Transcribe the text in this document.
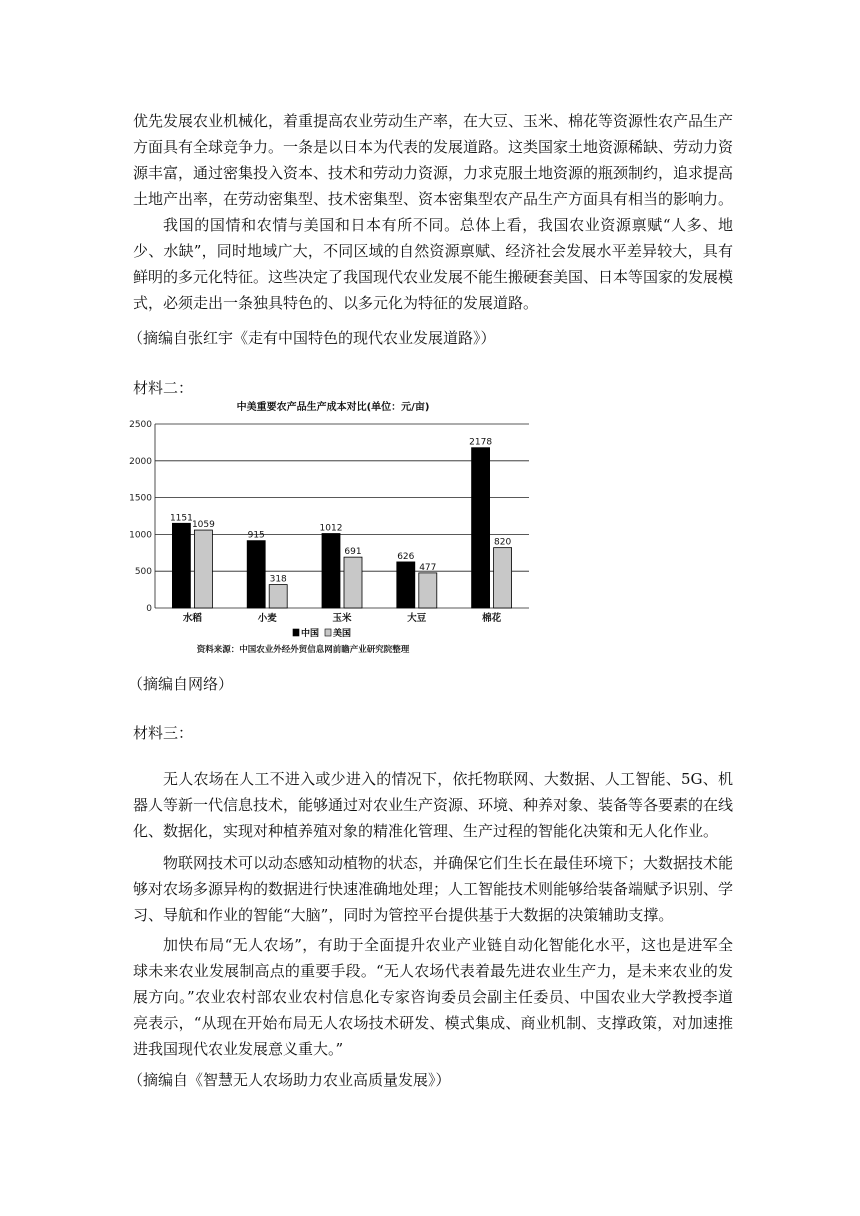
优先发展农业机械化，着重提高农业劳动生产率，在大豆、玉米、棉花等资源性农产品生产方面具有全球竞争力。一条是以日本为代表的发展道路。这类国家土地资源稀缺、劳动力资源丰富，通过密集投入资本、技术和劳动力资源，力求克服土地资源的瓶颈制约，追求提高土地产出率，在劳动密集型、技术密集型、资本密集型农产品生产方面具有相当的影响力。

我国的国情和农情与美国和日本有所不同。总体上看，我国农业资源禀赋“人多、地少、水缺”，同时地域广大，不同区域的自然资源禀赋、经济社会发展水平差异较大，具有鲜明的多元化特征。这些决定了我国现代农业发展不能生搬硬套美国、日本等国家的发展模式，必须走出一条独具特色的、以多元化为特征的发展道路。

（摘编自张红宇《走有中国特色的现代农业发展道路》）

材料二：

中美重要农产品生产成本对比(单位：元/亩)
0
500
1000
1500
2000
2500
1151
1059
915
318
1012
691	626
477
2178
820
水稻	小麦	玉米	大豆	棉花
中国 美国
资料来源：中国农业外经外贸信息网前瞻产业研究院整理

（摘编自网络）

材料三：

无人农场在人工不进入或少进入的情况下，依托物联网、大数据、人工智能、5G、机器人等新一代信息技术，能够通过对农业生产资源、环境、种养对象、装备等各要素的在线化、数据化，实现对种植养殖对象的精准化管理、生产过程的智能化决策和无人化作业。

物联网技术可以动态感知动植物的状态，并确保它们生长在最佳环境下；大数据技术能够对农场多源异构的数据进行快速准确地处理；人工智能技术则能够给装备端赋予识别、学习、导航和作业的智能“大脑”，同时为管控平台提供基于大数据的决策辅助支撑。

加快布局“无人农场”，有助于全面提升农业产业链自动化智能化水平，这也是进军全球未来农业发展制高点的重要手段。“无人农场代表着最先进农业生产力，是未来农业的发展方向。”农业农村部农业农村信息化专家咨询委员会副主任委员、中国农业大学教授李道亮表示，“从现在开始布局无人农场技术研发、模式集成、商业机制、支撑政策，对加速推进我国现代农业发展意义重大。”

（摘编自《智慧无人农场助力农业高质量发展》）
